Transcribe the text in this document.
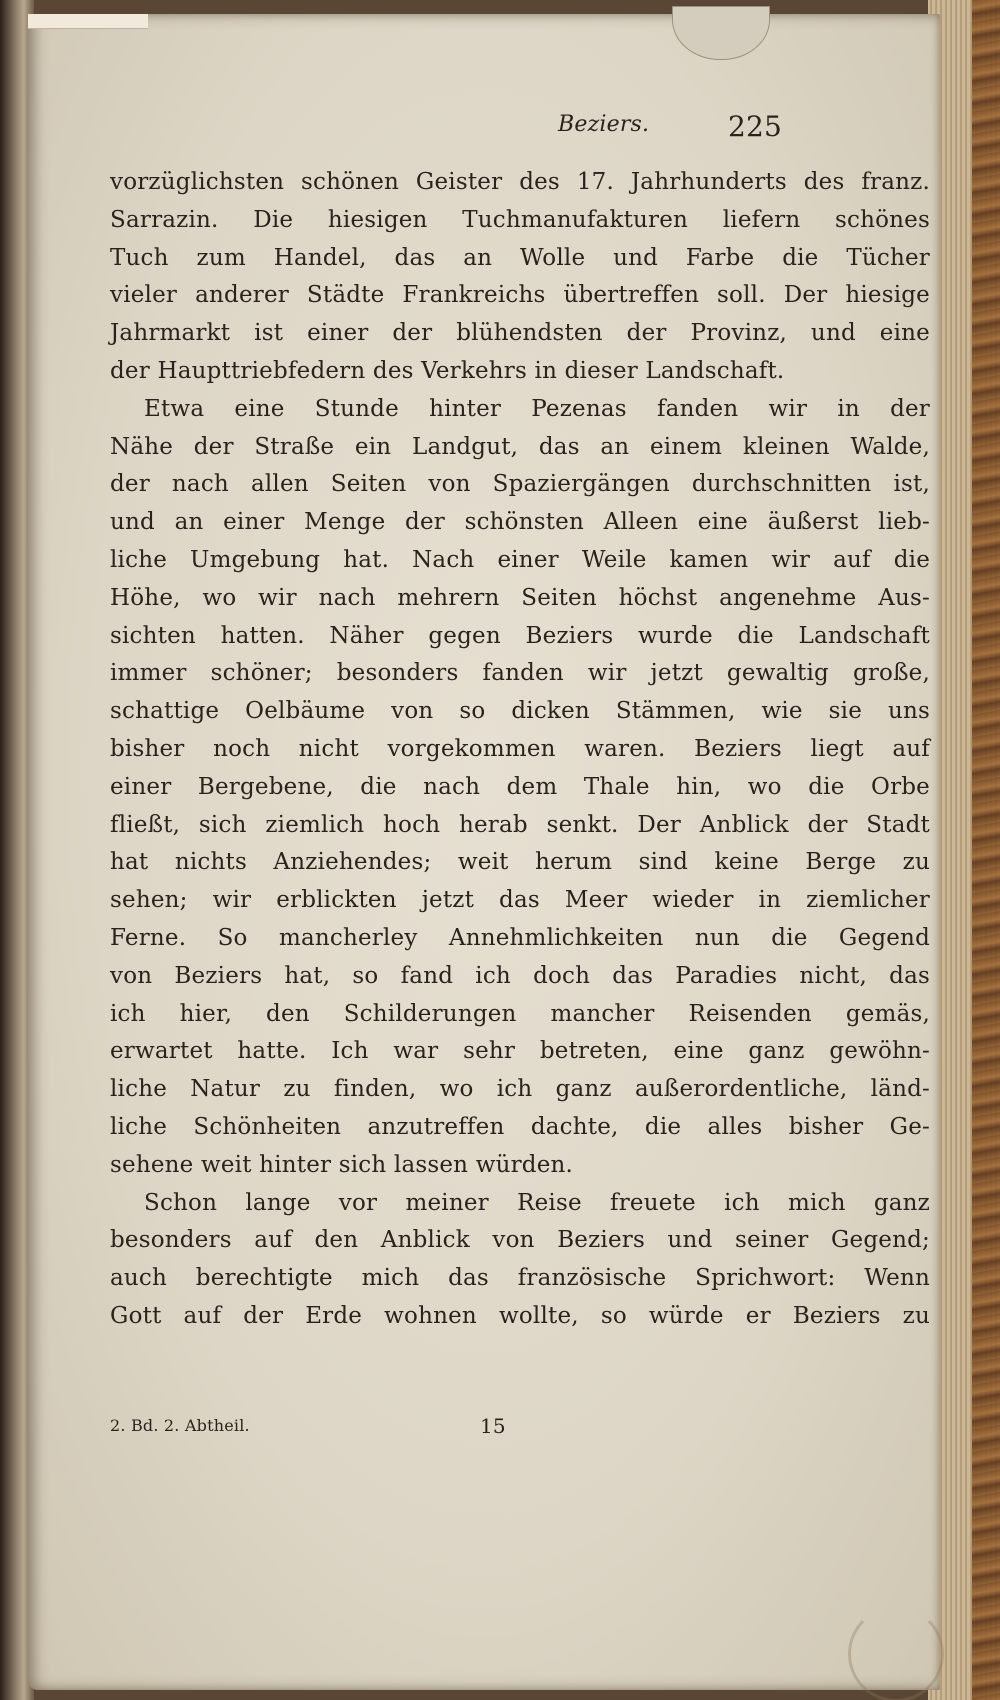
Beziers.	225
vorzüglichsten schönen Geister des 17. Jahrhunderts des franz.
Sarrazin. Die hiesigen Tuchmanufakturen liefern schönes
Tuch zum Handel, das an Wolle und Farbe die Tücher
vieler anderer Städte Frankreichs übertreffen soll. Der hiesige
Jahrmarkt ist einer der blühendsten der Provinz, und eine
der Haupttriebfedern des Verkehrs in dieser Landschaft.
Etwa eine Stunde hinter Pezenas fanden wir in der
Nähe der Straße ein Landgut, das an einem kleinen Walde,
der nach allen Seiten von Spaziergängen durchschnitten ist,
und an einer Menge der schönsten Alleen eine äußerst lieb-
liche Umgebung hat. Nach einer Weile kamen wir auf die
Höhe, wo wir nach mehrern Seiten höchst angenehme Aus-
sichten hatten. Näher gegen Beziers wurde die Landschaft
immer schöner; besonders fanden wir jetzt gewaltig große,
schattige Oelbäume von so dicken Stämmen, wie sie uns
bisher noch nicht vorgekommen waren. Beziers liegt auf
einer Bergebene, die nach dem Thale hin, wo die Orbe
fließt, sich ziemlich hoch herab senkt. Der Anblick der Stadt
hat nichts Anziehendes; weit herum sind keine Berge zu
sehen; wir erblickten jetzt das Meer wieder in ziemlicher
Ferne. So mancherley Annehmlichkeiten nun die Gegend
von Beziers hat, so fand ich doch das Paradies nicht, das
ich hier, den Schilderungen mancher Reisenden gemäs,
erwartet hatte. Ich war sehr betreten, eine ganz gewöhn-
liche Natur zu finden, wo ich ganz außerordentliche, länd-
liche Schönheiten anzutreffen dachte, die alles bisher Ge-
sehene weit hinter sich lassen würden.
Schon lange vor meiner Reise freuete ich mich ganz
besonders auf den Anblick von Beziers und seiner Gegend;
auch berechtigte mich das französische Sprichwort: Wenn
Gott auf der Erde wohnen wollte, so würde er Beziers zu
2. Bd. 2. Abtheil.	15
